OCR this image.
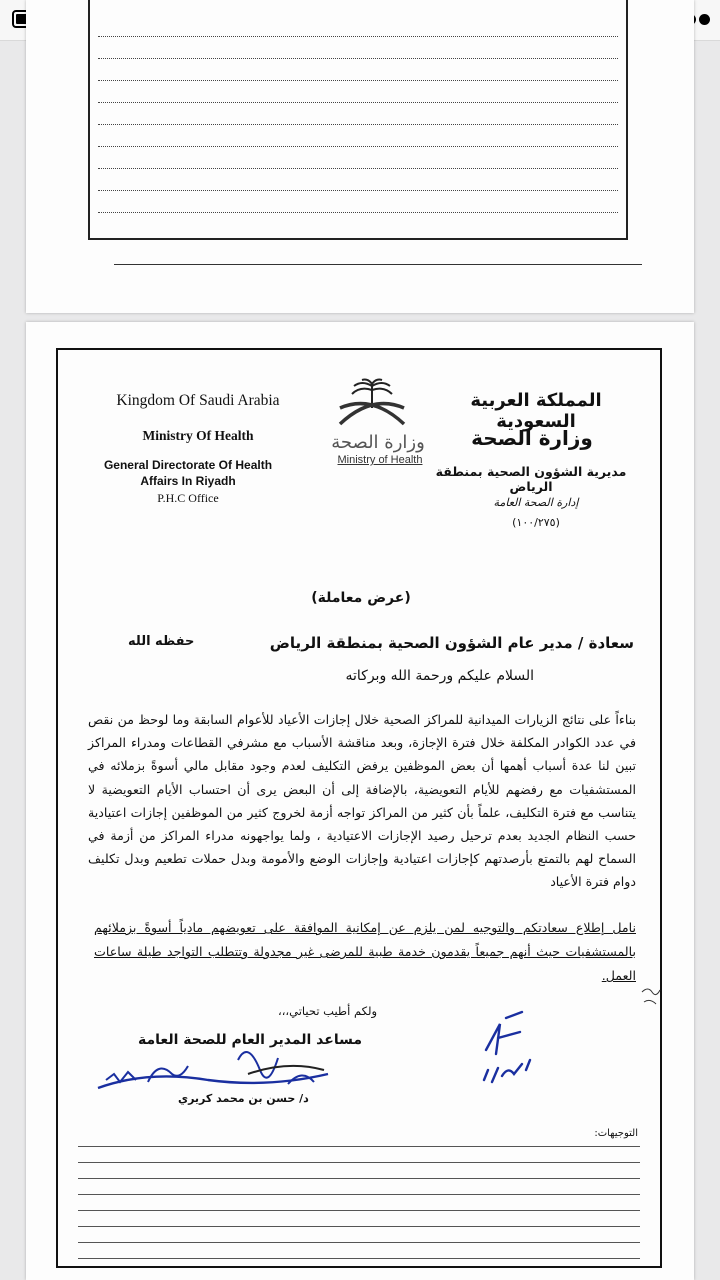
Kingdom Of Saudi Arabia
Ministry Of Health
General Directorate Of Health
Affairs In Riyadh
P.H.C Office
وزارة الصحة
Ministry of Health
المملكة العربية السعودية
وزارة الصحة
مديرية الشؤون الصحية بمنطقة الرياض
إدارة الصحة العامة
(١٠٠/٢٧٥)
(عرض معاملة)
سعادة / مدير عام الشؤون الصحية بمنطقة الرياض
حفظه الله
السلام عليكم ورحمة الله وبركاته
بناءاً على نتائج الزيارات الميدانية للمراكز الصحية خلال إجازات الأعياد للأعوام السابقة وما لوحظ من نقص في عدد الكوادر المكلفة خلال فترة الإجازة، وبعد مناقشة الأسباب مع مشرفي القطاعات ومدراء المراكز تبين لنا عدة أسباب أهمها أن بعض الموظفين يرفض التكليف لعدم وجود مقابل مالي أسوةً بزملائه في المستشفيات مع رفضهم للأيام التعويضية، بالإضافة إلى أن البعض يرى أن احتساب الأيام التعويضية لا يتناسب مع فترة التكليف، علماً بأن كثير من المراكز تواجه أزمة لخروج كثير من الموظفين إجازات اعتيادية حسب النظام الجديد بعدم ترحيل رصيد الإجازات الاعتيادية ، ولما يواجهونه مدراء المراكز من أزمة في السماح لهم بالتمتع بأرصدتهم كإجازات اعتيادية وإجازات الوضع والأمومة وبدل حملات تطعيم وبدل تكليف دوام فترة الأعياد
نامل إطلاع سعادتكم والتوجيه لمن يلزم عن إمكانية الموافقة على تعويضهم مادياً أسوةً بزملائهم بالمستشفيات حيث أنهم جميعاً يقدمون خدمة طبية للمرضى غير مجدولة وتتطلب التواجد طيلة ساعات العمل.
ولكم أطيب تحياتي،،،
مساعد المدير العام للصحة العامة
د/ حسن بن محمد كريري
التوجيهات:
